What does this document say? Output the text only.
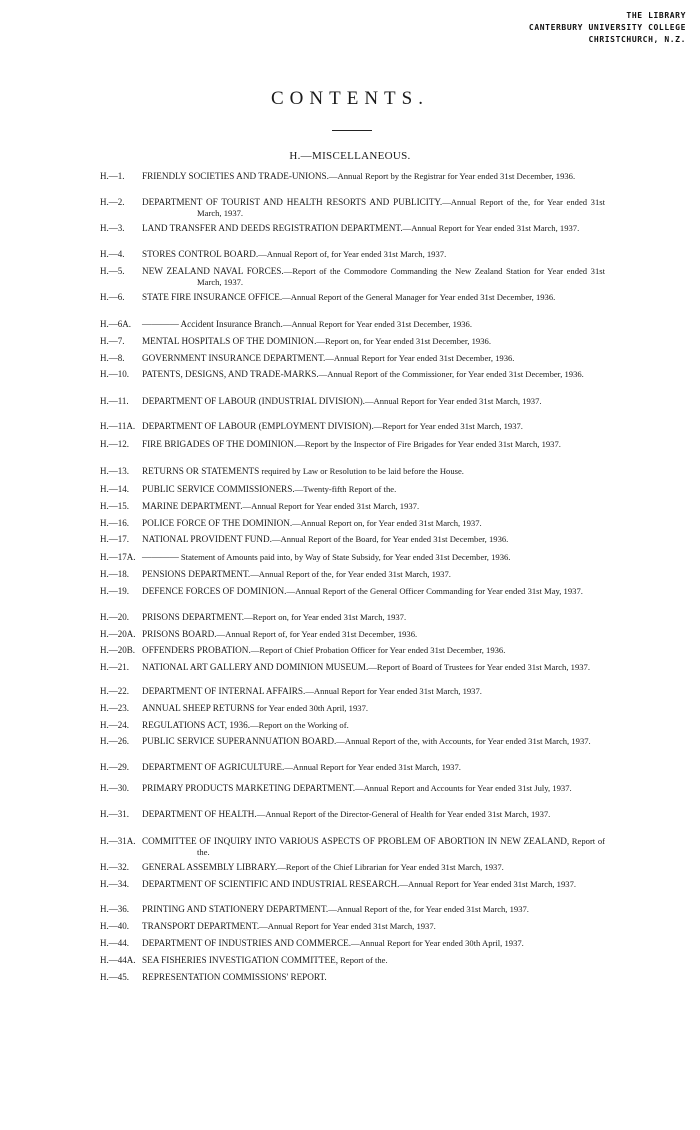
THE LIBRARY
CANTERBURY UNIVERSITY COLLEGE
CHRISTCHURCH, N.Z.
CONTENTS.
H.—MISCELLANEOUS.
H.—1.	FRIENDLY SOCIETIES AND TRADE-UNIONS.—Annual Report by the Registrar for Year ended 31st December, 1936.
H.—2.	DEPARTMENT OF TOURIST AND HEALTH RESORTS AND PUBLICITY.—Annual Report of the, for Year ended 31st March, 1937.
H.—3.	LAND TRANSFER AND DEEDS REGISTRATION DEPARTMENT.—Annual Report for Year ended 31st March, 1937.
H.—4.	STORES CONTROL BOARD.—Annual Report of, for Year ended 31st March, 1937.
H.—5.	NEW ZEALAND NAVAL FORCES.—Report of the Commodore Commanding the New Zealand Station for Year ended 31st March, 1937.
H.—6.	STATE FIRE INSURANCE OFFICE.—Annual Report of the General Manager for Year ended 31st December, 1936.
H.—6A.	———— Accident Insurance Branch.—Annual Report for Year ended 31st December, 1936.
H.—7.	MENTAL HOSPITALS OF THE DOMINION.—Report on, for Year ended 31st December, 1936.
H.—8.	GOVERNMENT INSURANCE DEPARTMENT.—Annual Report for Year ended 31st December, 1936.
H.—10.	PATENTS, DESIGNS, AND TRADE-MARKS.—Annual Report of the Commissioner, for Year ended 31st December, 1936.
H.—11.	DEPARTMENT OF LABOUR (INDUSTRIAL DIVISION).—Annual Report for Year ended 31st March, 1937.
H.—11A. DEPARTMENT OF LABOUR (EMPLOYMENT DIVISION).—Report for Year ended 31st March, 1937.
H.—12.	FIRE BRIGADES OF THE DOMINION.—Report by the Inspector of Fire Brigades for Year ended 31st March, 1937.
H.—13.	RETURNS OR STATEMENTS required by Law or Resolution to be laid before the House.
H.—14.	PUBLIC SERVICE COMMISSIONERS.—Twenty-fifth Report of the.
H.—15.	MARINE DEPARTMENT.—Annual Report for Year ended 31st March, 1937.
H.—16.	POLICE FORCE OF THE DOMINION.—Annual Report on, for Year ended 31st March, 1937.
H.—17.	NATIONAL PROVIDENT FUND.—Annual Report of the Board, for Year ended 31st December, 1936.
H.—17A. ———— Statement of Amounts paid into, by Way of State Subsidy, for Year ended 31st December, 1936.
H.—18.	PENSIONS DEPARTMENT.—Annual Report of the, for Year ended 31st March, 1937.
H.—19.	DEFENCE FORCES OF DOMINION.—Annual Report of the General Officer Commanding for Year ended 31st May, 1937.
H.—20.	PRISONS DEPARTMENT.—Report on, for Year ended 31st March, 1937.
H.—20A. PRISONS BOARD.—Annual Report of, for Year ended 31st December, 1936.
H.—20B. OFFENDERS PROBATION.—Report of Chief Probation Officer for Year ended 31st December, 1936.
H.—21.	NATIONAL ART GALLERY AND DOMINION MUSEUM.—Report of Board of Trustees for Year ended 31st March, 1937.
H.—22.	DEPARTMENT OF INTERNAL AFFAIRS.—Annual Report for Year ended 31st March, 1937.
H.—23.	ANNUAL SHEEP RETURNS for Year ended 30th April, 1937.
H.—24.	REGULATIONS ACT, 1936.—Report on the Working of.
H.—26.	PUBLIC SERVICE SUPERANNUATION BOARD.—Annual Report of the, with Accounts, for Year ended 31st March, 1937.
H.—29.	DEPARTMENT OF AGRICULTURE.—Annual Report for Year ended 31st March, 1937.
H.—30.	PRIMARY PRODUCTS MARKETING DEPARTMENT.—Annual Report and Accounts for Year ended 31st July, 1937.
H.—31.	DEPARTMENT OF HEALTH.—Annual Report of the Director-General of Health for Year ended 31st March, 1937.
H.—31A. COMMITTEE OF INQUIRY INTO VARIOUS ASPECTS OF PROBLEM OF ABORTION IN NEW ZEALAND, Report of the.
H.—32.	GENERAL ASSEMBLY LIBRARY.—Report of the Chief Librarian for Year ended 31st March, 1937.
H.—34.	DEPARTMENT OF SCIENTIFIC AND INDUSTRIAL RESEARCH.—Annual Report for Year ended 31st March, 1937.
H.—36.	PRINTING AND STATIONERY DEPARTMENT.—Annual Report of the, for Year ended 31st March, 1937.
H.—40.	TRANSPORT DEPARTMENT.—Annual Report for Year ended 31st March, 1937.
H.—44.	DEPARTMENT OF INDUSTRIES AND COMMERCE.—Annual Report for Year ended 30th April, 1937.
H.—44A. SEA FISHERIES INVESTIGATION COMMITTEE, Report of the.
H.—45.	REPRESENTATION COMMISSIONS' REPORT.
